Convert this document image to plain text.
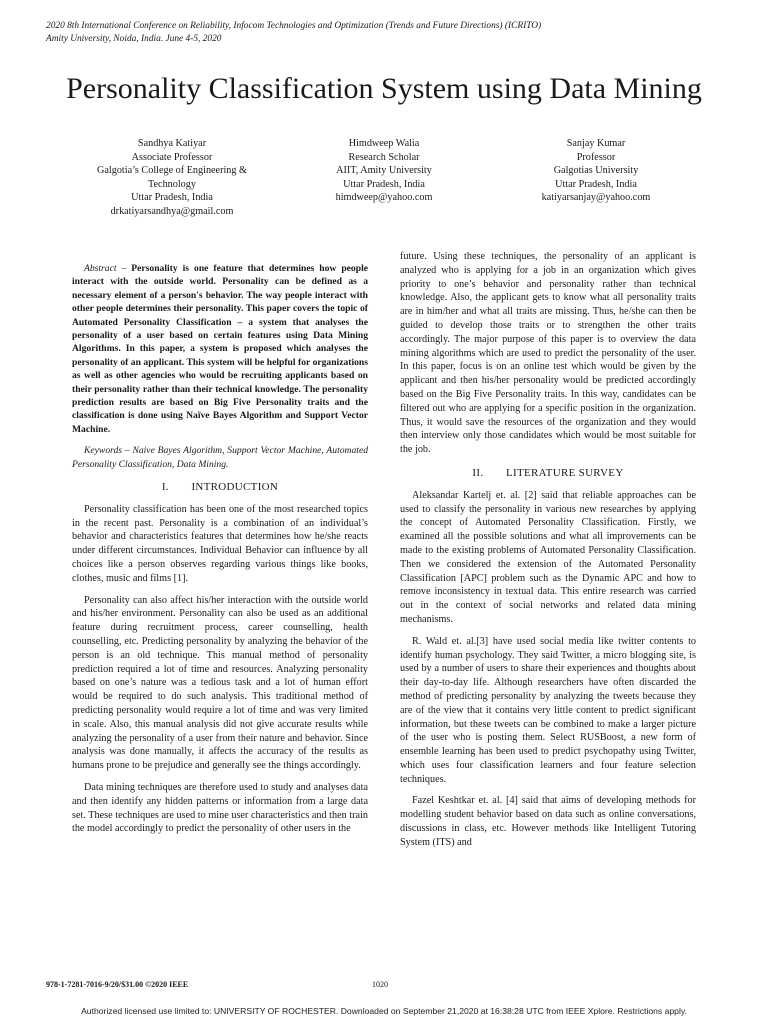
2020 8th International Conference on Reliability, Infocom Technologies and Optimization (Trends and Future Directions) (ICRITO)
Amity University, Noida, India. June 4-5, 2020
Personality Classification System using Data Mining
Sandhya Katiyar
Associate Professor
Galgotia’s College of Engineering &
Technology
Uttar Pradesh, India
drkatiyarsandhya@gmail.com
Himdweep Walia
Research Scholar
AIIT, Amity University
Uttar Pradesh, India
himdweep@yahoo.com
Sanjay Kumar
Professor
Galgotias University
Uttar Pradesh, India
katiyarsanjay@yahoo.com

Abstract – Personality is one feature that determines how people interact with the outside world. Personality can be defined as a necessary element of a person's behavior. The way people interact with other people determines their personality. This paper covers the topic of Automated Personality Classification – a system that analyses the personality of a user based on certain features using Data Mining Algorithms. In this paper, a system is proposed which analyses the personality of an applicant. This system will be helpful for organizations as well as other agencies who would be recruiting applicants based on their personality rather than their technical knowledge. The personality prediction results are based on Big Five Personality traits and the classification is done using Naïve Bayes Algorithm and Support Vector Machine.

Keywords – Naive Bayes Algorithm, Support Vector Machine, Automated Personality Classification, Data Mining.

I.  INTRODUCTION

Personality classification has been one of the most researched topics in the recent past. Personality is a combination of an individual’s behavior and characteristics features that determines how he/she reacts under different circumstances. Individual Behavior can influence by all choices like a person observes regarding various things like books, clothes, music and films [1].

Personality can also affect his/her interaction with the outside world and his/her environment. Personality can also be used as an additional feature during recruitment process, career counselling, health counselling, etc. Predicting personality by analyzing the behavior of the person is an old technique. This manual method of personality prediction required a lot of time and resources. Analyzing personality based on one’s nature was a tedious task and a lot of human effort would be required to do such analysis. This traditional method of predicting personality would require a lot of time and was very limited in scale. Also, this manual analysis did not give accurate results while analyzing the personality of a user from their nature and behavior. Since analysis was done manually, it affects the accuracy of the results as humans prone to be prejudice and generally see the things accordingly.

Data mining techniques are therefore used to study and analyses data and then identify any hidden patterns or information from a large data set. These techniques are used to mine user characteristics and then train the model accordingly to predict the personality of other users in the

future. Using these techniques, the personality of an applicant is analyzed who is applying for a job in an organization which gives priority to one’s behavior and personality rather than technical knowledge. Also, the applicant gets to know what all personality traits are in him/her and what all traits are missing. Thus, he/she can then be guided to develop those traits or to strengthen the other traits accordingly. The major purpose of this paper is to overview the data mining algorithms which are used to predict the personality of the user. In this paper, focus is on an online test which would be given by the applicant and then his/her personality would be predicted accordingly based on the Big Five Personality traits. In this way, candidates can be filtered out who are applying for a specific position in the organization. Thus, it would save the resources of the organization and they would then interview only those candidates which would be most suitable for the job.

II.  LITERATURE SURVEY

Aleksandar Kartelj et. al. [2] said that reliable approaches can be used to classify the personality in various new researches by applying the concept of Automated Personality Classification. Firstly, we examined all the possible solutions and what all improvements can be made to the existing problems of Automated Personality Classification. Then we considered the extension of the Automated Personality Classification [APC] problem such as the Dynamic APC and how to remove inconsistency in textual data. This entire research was carried out in the context of social networks and related data mining mechanisms.

R. Wald et. al.[3] have used social media like twitter contents to identify human psychology. They said Twitter, a micro blogging site, is used by a number of users to share their experiences and thoughts about their day-to-day life. Although researchers have often discarded the method of predicting personality by analyzing the tweets because they are of the view that it contains very little content to predict significant information, but these tweets can be combined to make a larger picture of the user who is posting them. Select RUSBoost, a new form of ensemble learning has been used to predict psychopathy using Twitter, which uses four classification learners and four feature selection techniques.

Fazel Keshtkar et. al. [4] said that aims of developing methods for modelling student behavior based on data such as online conversations, discussions in class, etc. However methods like Intelligent Tutoring System (ITS) and

978-1-7281-7016-9/20/$31.00 ©2020 IEEE	1020
Authorized licensed use limited to: UNIVERSITY OF ROCHESTER. Downloaded on September 21,2020 at 16:38:28 UTC from IEEE Xplore. Restrictions apply.
